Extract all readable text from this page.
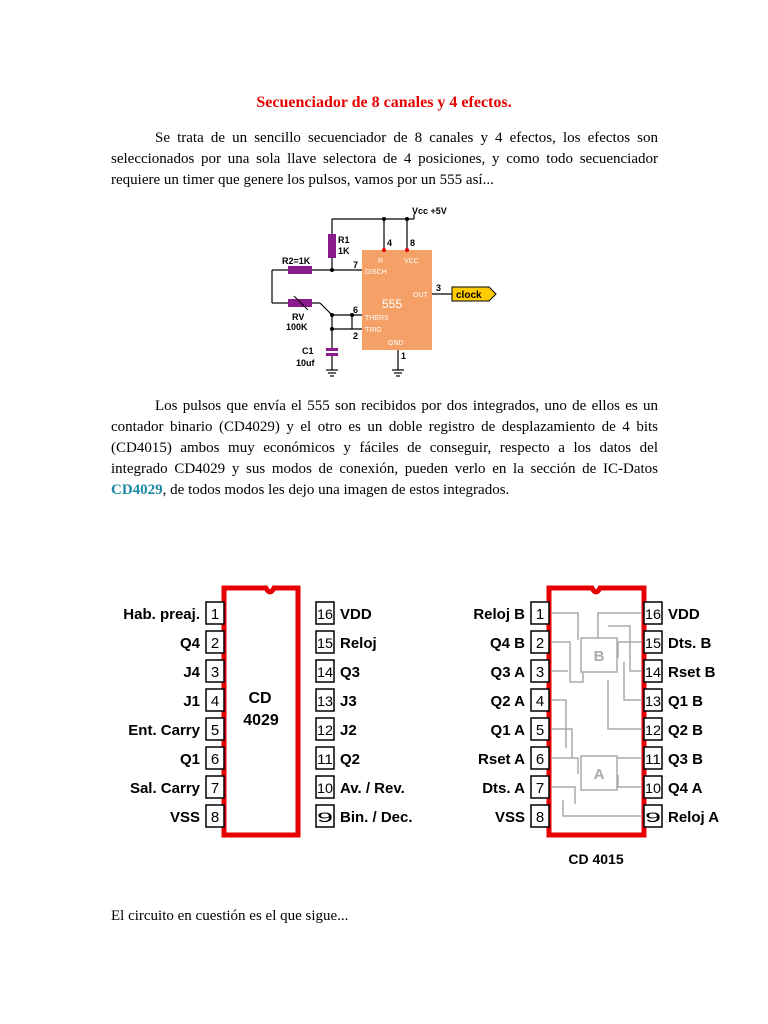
Secuenciador de 8 canales y 4 efectos.

Se trata de un sencillo secuenciador de 8 canales y 4 efectos, los efectos son seleccionados por una sola llave selectora de 4 posiciones, y como todo secuenciador requiere un timer que genere los pulsos, vamos por un 555 así...

Vcc +5V
R1
1K
R2=1K
RV
100K
C1
10uf
4 8
7
3
6
2
1
R	VCC
DISCH
OUT
THERS
TRIG
GND
555
clock

Los pulsos que envía el 555 son recibidos por dos integrados, uno de ellos es un contador binario (CD4029) y el otro es un doble registro de desplazamiento de 4 bits (CD4015) ambos muy económicos y fáciles de conseguir, respecto a los datos del integrado CD4029 y sus modos de conexión, pueden verlo en la sección de IC-Datos CD4029, de todos modos les dejo una imagen de estos integrados.

CD
4029
B
A
CD 4015
1
Hab. preaj.
2
Q4
3
J4
4
J1
5
Ent. Carry
6
Q1
7
Sal. Carry
8
VSS
16 VDD
15 Reloj
14 Q3
13 J3
12 J2
11 Q2
10 Av. / Rev.
9 Bin. / Dec.
1
Reloj B
2
Q4 B
3
Q3 A
4
Q2 A
5
Q1 A
6
Rset A
7
Dts. A
8
VSS
16 VDD
15 Dts. B
14 Rset B
13 Q1 B
12 Q2 B
11 Q3 B
10 Q4 A
9 Reloj A

El circuito en cuestión es el que sigue...
